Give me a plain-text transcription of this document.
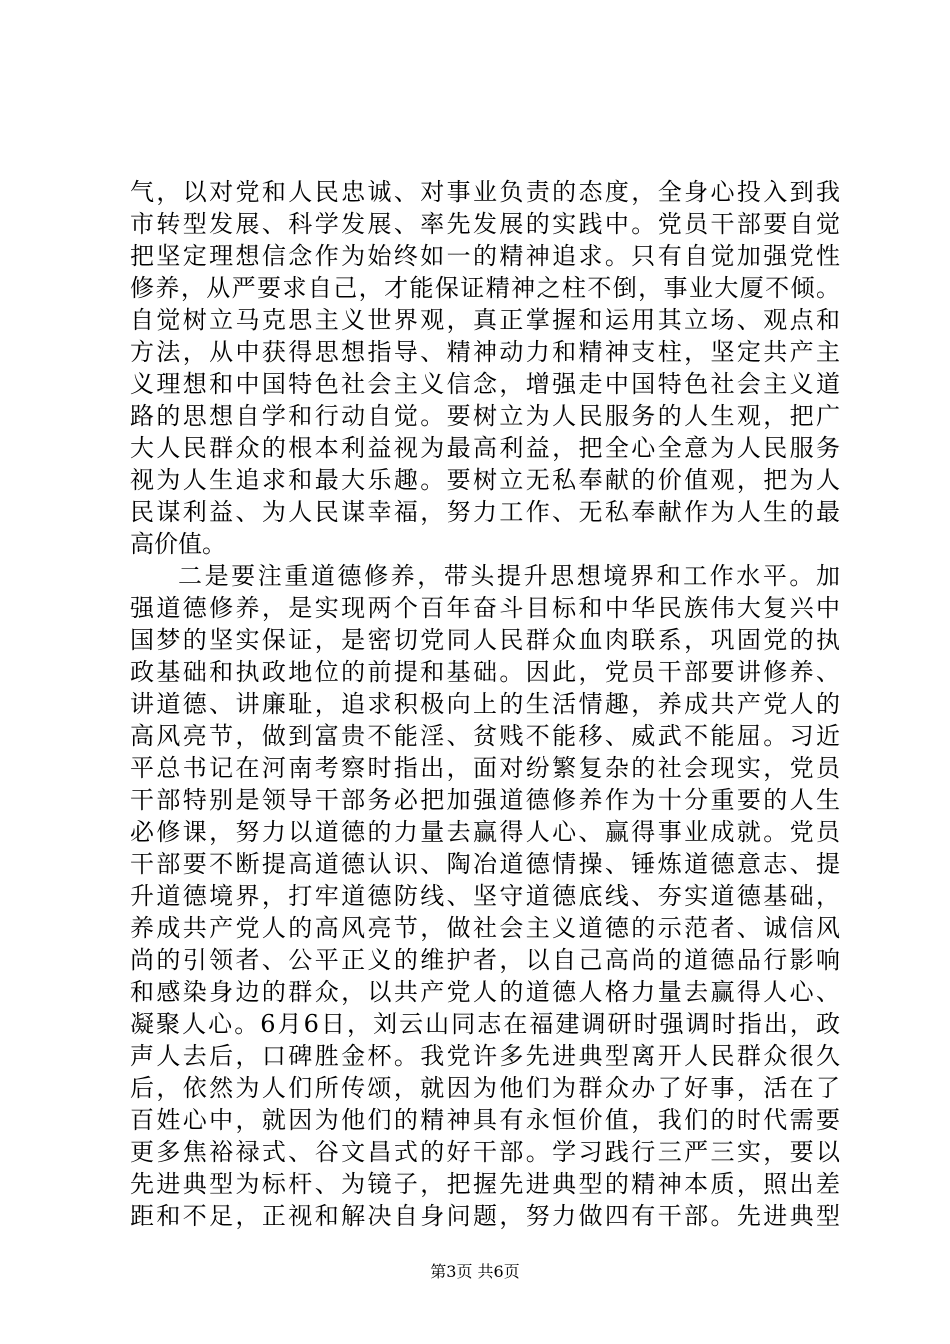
气，以对党和人民忠诚、对事业负责的态度，全身心投入到我
市转型发展、科学发展、率先发展的实践中。党员干部要自觉
把坚定理想信念作为始终如一的精神追求。只有自觉加强党性
修养，从严要求自己，才能保证精神之柱不倒，事业大厦不倾。
自觉树立马克思主义世界观，真正掌握和运用其立场、观点和
方法，从中获得思想指导、精神动力和精神支柱，坚定共产主
义理想和中国特色社会主义信念，增强走中国特色社会主义道
路的思想自学和行动自觉。要树立为人民服务的人生观，把广
大人民群众的根本利益视为最高利益，把全心全意为人民服务
视为人生追求和最大乐趣。要树立无私奉献的价值观，把为人
民谋利益、为人民谋幸福，努力工作、无私奉献作为人生的最
高价值。
二是要注重道德修养，带头提升思想境界和工作水平。加
强道德修养，是实现两个百年奋斗目标和中华民族伟大复兴中
国梦的坚实保证，是密切党同人民群众血肉联系，巩固党的执
政基础和执政地位的前提和基础。因此，党员干部要讲修养、
讲道德、讲廉耻，追求积极向上的生活情趣，养成共产党人的
高风亮节，做到富贵不能淫、贫贱不能移、威武不能屈。习近
平总书记在河南考察时指出，面对纷繁复杂的社会现实，党员
干部特别是领导干部务必把加强道德修养作为十分重要的人生
必修课，努力以道德的力量去赢得人心、赢得事业成就。党员
干部要不断提高道德认识、陶冶道德情操、锤炼道德意志、提
升道德境界，打牢道德防线、坚守道德底线、夯实道德基础，
养成共产党人的高风亮节，做社会主义道德的示范者、诚信风
尚的引领者、公平正义的维护者，以自己高尚的道德品行影响
和感染身边的群众，以共产党人的道德人格力量去赢得人心、
凝聚人心。6月6日，刘云山同志在福建调研时强调时指出，政
声人去后，口碑胜金杯。我党许多先进典型离开人民群众很久
后，依然为人们所传颂，就因为他们为群众办了好事，活在了
百姓心中，就因为他们的精神具有永恒价值，我们的时代需要
更多焦裕禄式、谷文昌式的好干部。学习践行三严三实，要以
先进典型为标杆、为镜子，把握先进典型的精神本质，照出差
距和不足，正视和解决自身问题，努力做四有干部。先进典型
第3页 共6页
